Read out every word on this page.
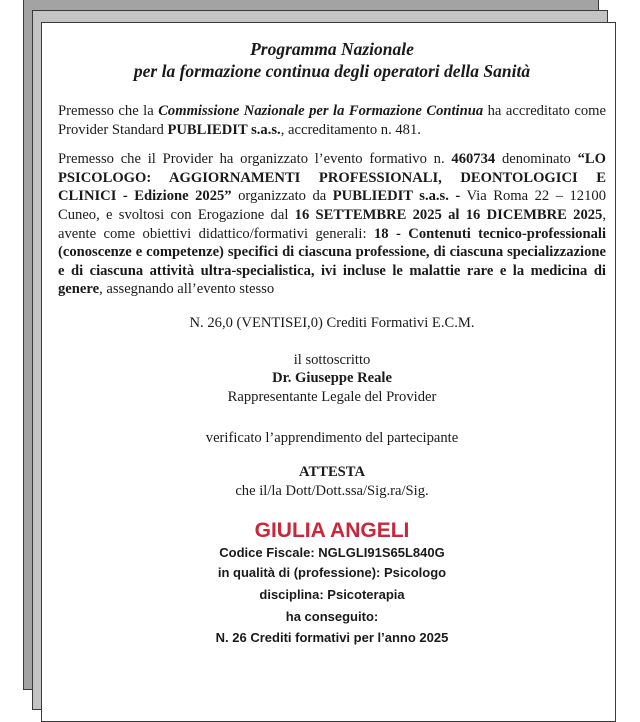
Programma Nazionale

per la formazione continua degli operatori della Sanità

Premesso che la Commissione Nazionale per la Formazione Continua ha accreditato come Provider Standard PUBLIEDIT s.a.s., accreditamento n. 481.

Premesso che il Provider ha organizzato l’evento formativo n. 460734 denominato “LO PSICOLOGO: AGGIORNAMENTI PROFESSIONALI, DEONTOLOGICI E CLINICI - Edizione 2025” organizzato da PUBLIEDIT s.a.s. - Via Roma 22 – 12100 Cuneo, e svoltosi con Erogazione dal 16 SETTEMBRE 2025 al 16 DICEMBRE 2025, avente come obiettivi didattico/formativi generali: 18 - Contenuti tecnico-professionali (conoscenze e competenze) specifici di ciascuna professione, di ciascuna specializzazione e di ciascuna attività ultra-specialistica, ivi incluse le malattie rare e la medicina di genere, assegnando all’evento stesso

N. 26,0 (VENTISEI,0) Crediti Formativi E.C.M.

il sottoscritto

Dr. Giuseppe Reale

Rappresentante Legale del Provider

verificato l’apprendimento del partecipante

ATTESTA

che il/la Dott/Dott.ssa/Sig.ra/Sig.

GIULIA ANGELI

Codice Fiscale: NGLGLI91S65L840G

in qualità di (professione): Psicologo

disciplina: Psicoterapia

ha conseguito:

N. 26 Crediti formativi per l’anno 2025
